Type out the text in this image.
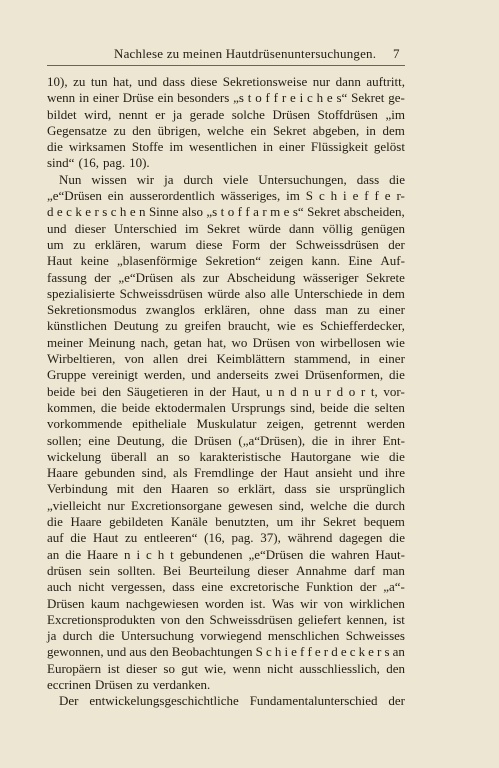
Nachlese zu meinen Hautdrüsenuntersuchungen. 7
10), zu tun hat, und dass diese Sekretionsweise nur dann auftritt,
wenn in einer Drüse ein besonders „s t o f f r e i c h e s“ Sekret ge-
bildet wird, nennt er ja gerade solche Drüsen Stoffdrüsen „im
Gegensatze zu den übrigen, welche ein Sekret abgeben, in dem
die wirksamen Stoffe im wesentlichen in einer Flüssigkeit gelöst
sind“ (16, pag. 10).
Nun wissen wir ja durch viele Untersuchungen, dass die
„e“Drüsen ein ausserordentlich wässeriges, im S c h i e f f e r-
d e c k e r s c h e n Sinne also „s t o f f a r m e s“ Sekret abscheiden,
und dieser Unterschied im Sekret würde dann völlig genügen
um zu erklären, warum diese Form der Schweissdrüsen der
Haut keine „blasenförmige Sekretion“ zeigen kann. Eine Auf-
fassung der „e“Drüsen als zur Abscheidung wässeriger Sekrete
spezialisierte Schweissdrüsen würde also alle Unterschiede in dem
Sekretionsmodus zwanglos erklären, ohne dass man zu einer
künstlichen Deutung zu greifen braucht, wie es Schiefferdecker,
meiner Meinung nach, getan hat, wo Drüsen von wirbellosen wie
Wirbeltieren, von allen drei Keimblättern stammend, in einer
Gruppe vereinigt werden, und anderseits zwei Drüsenformen, die
beide bei den Säugetieren in der Haut, u n d n u r d o r t, vor-
kommen, die beide ektodermalen Ursprungs sind, beide die selten
vorkommende epitheliale Muskulatur zeigen, getrennt werden
sollen; eine Deutung, die Drüsen („a“Drüsen), die in ihrer Ent-
wickelung überall an so karakteristische Hautorgane wie die
Haare gebunden sind, als Fremdlinge der Haut ansieht und ihre
Verbindung mit den Haaren so erklärt, dass sie ursprünglich
„vielleicht nur Excretionsorgane gewesen sind, welche die durch
die Haare gebildeten Kanäle benutzten, um ihr Sekret bequem
auf die Haut zu entleeren“ (16, pag. 37), während dagegen die
an die Haare n i c h t gebundenen „e“Drüsen die wahren Haut-
drüsen sein sollten. Bei Beurteilung dieser Annahme darf man
auch nicht vergessen, dass eine excretorische Funktion der „a“-
Drüsen kaum nachgewiesen worden ist. Was wir von wirklichen
Excretionsprodukten von den Schweissdrüsen geliefert kennen, ist
ja durch die Untersuchung vorwiegend menschlichen Schweisses
gewonnen, und aus den Beobachtungen S c h i e f f e r d e c k e r s an
Europäern ist dieser so gut wie, wenn nicht ausschliesslich, den
eccrinen Drüsen zu verdanken.
Der entwickelungsgeschichtliche Fundamentalunterschied der
